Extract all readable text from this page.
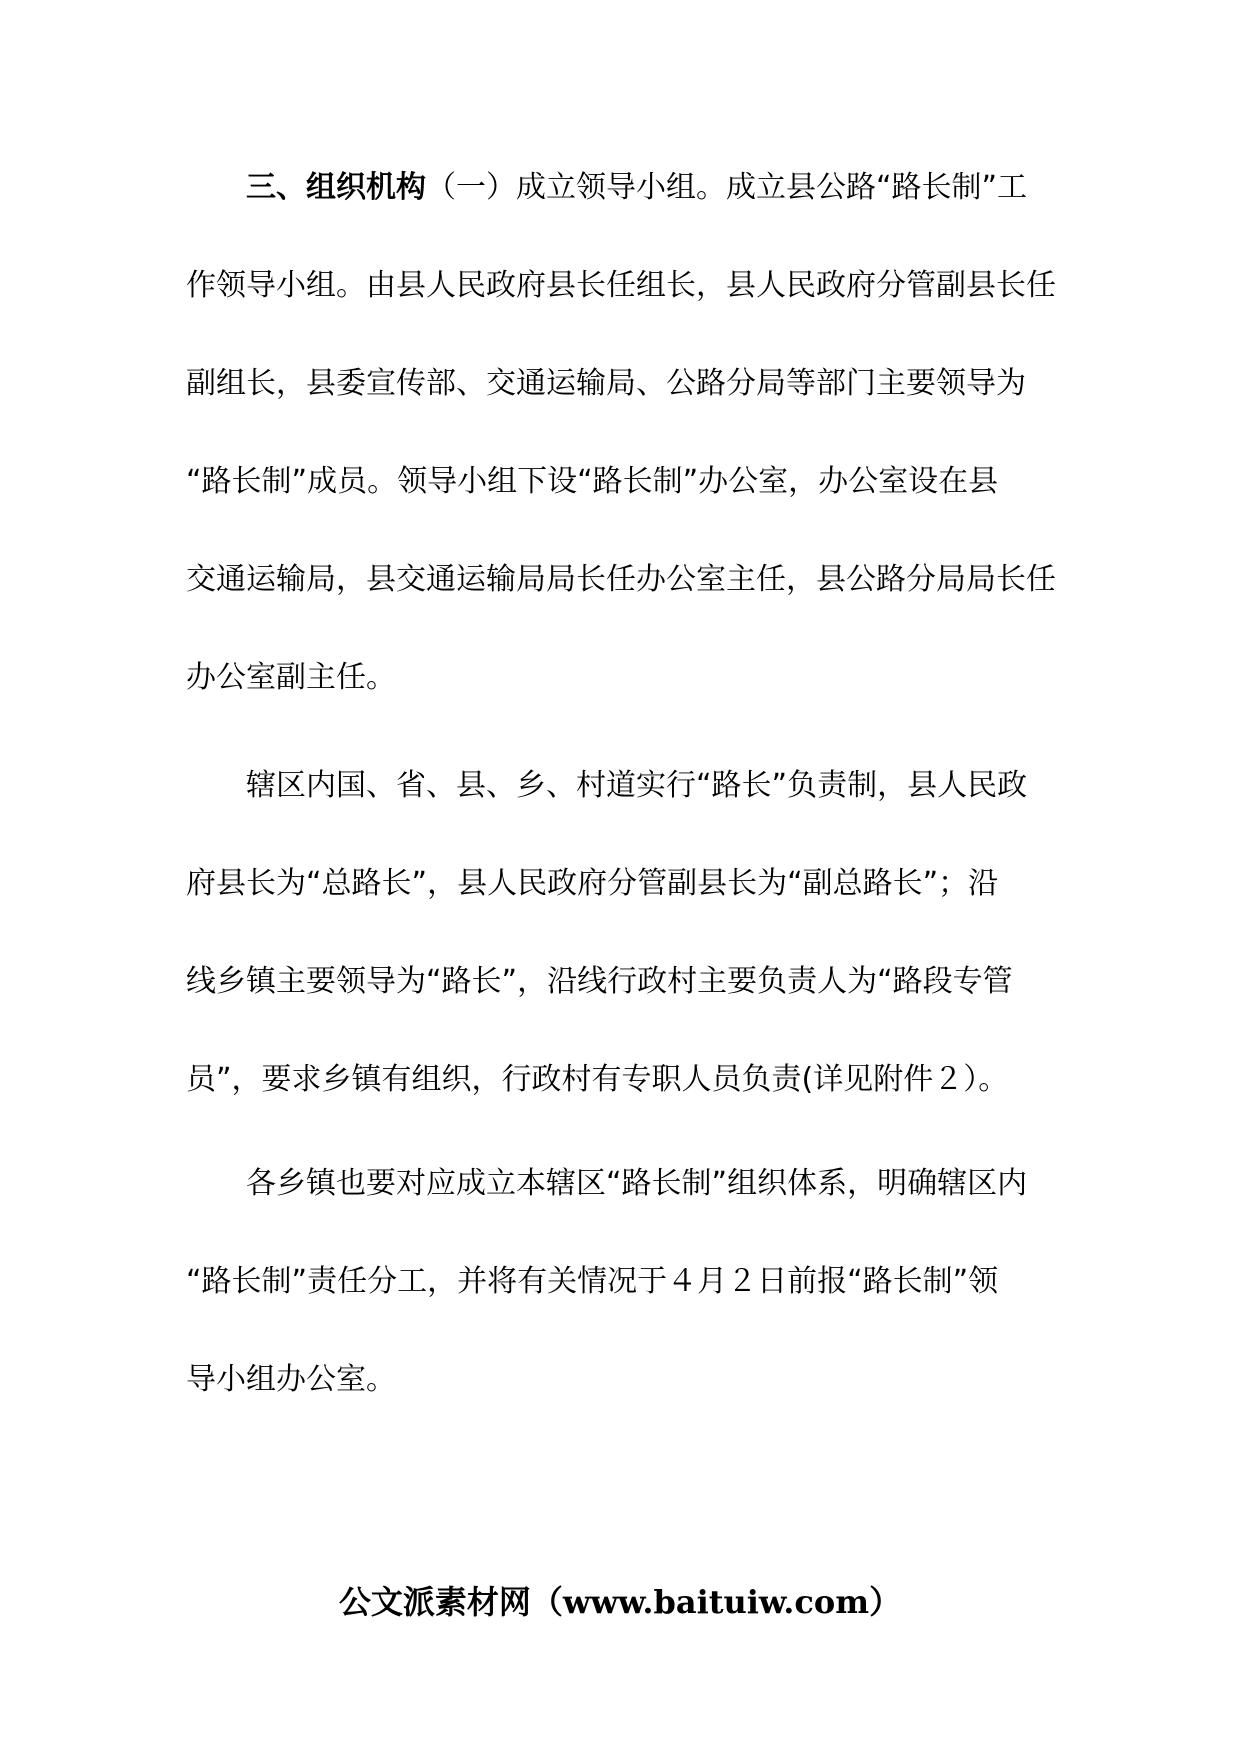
三、组织机构（一）成立领导小组。成立县公路“路长制”工

作领导小组。由县人民政府县长任组长，县人民政府分管副县长任

副组长，县委宣传部、交通运输局、公路分局等部门主要领导为

“路长制”成员。领导小组下设“路长制”办公室，办公室设在县

交通运输局，县交通运输局局长任办公室主任，县公路分局局长任

办公室副主任。

辖区内国、省、县、乡、村道实行“路长”负责制，县人民政

府县长为“总路长”，县人民政府分管副县长为“副总路长”；沿

线乡镇主要领导为“路长”，沿线行政村主要负责人为“路段专管

员”，要求乡镇有组织，行政村有专职人员负责(详见附件２）。

各乡镇也要对应成立本辖区“路长制”组织体系，明确辖区内

“路长制”责任分工，并将有关情况于４月２日前报“路长制”领

导小组办公室。

公文派素材网（www.baituiw.com）
